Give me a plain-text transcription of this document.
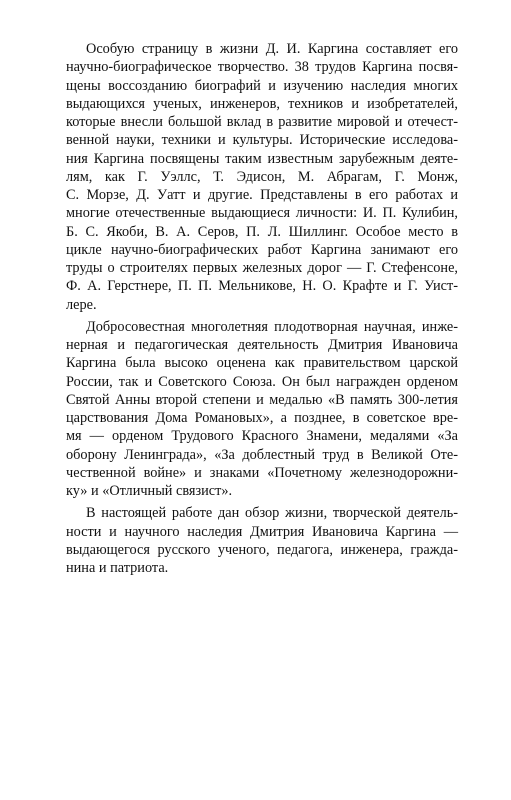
Особую страницу в жизни Д. И. Каргина составляет его
научно-биографическое творчество. 38 трудов Каргина посвя-
щены воссозданию биографий и изучению наследия многих
выдающихся ученых, инженеров, техников и изобретателей,
которые внесли большой вклад в развитие мировой и отечест-
венной науки, техники и культуры. Исторические исследова-
ния Каргина посвящены таким известным зарубежным деяте-
лям, как Г. Уэллс, Т. Эдисон, М. Абрагам, Г. Монж,
С. Морзе, Д. Уатт и другие. Представлены в его работах и
многие отечественные выдающиеся личности: И. П. Кулибин,
Б. С. Якоби, В. А. Серов, П. Л. Шиллинг. Особое место в
цикле научно-биографических работ Каргина занимают его
труды о строителях первых железных дорог — Г. Стефенсоне,
Ф. А. Герстнере, П. П. Мельникове, Н. О. Крафте и Г. Уист-
лере.
Добросовестная многолетняя плодотворная научная, инже-
нерная и педагогическая деятельность Дмитрия Ивановича
Каргина была высоко оценена как правительством царской
России, так и Советского Союза. Он был награжден орденом
Святой Анны второй степени и медалью «В память 300-летия
царствования Дома Романовых», а позднее, в советское вре-
мя — орденом Трудового Красного Знамени, медалями «За
оборону Ленинграда», «За доблестный труд в Великой Оте-
чественной войне» и знаками «Почетному железнодорожни-
ку» и «Отличный связист».
В настоящей работе дан обзор жизни, творческой деятель-
ности и научного наследия Дмитрия Ивановича Каргина —
выдающегося русского ученого, педагога, инженера, гражда-
нина и патриота.
